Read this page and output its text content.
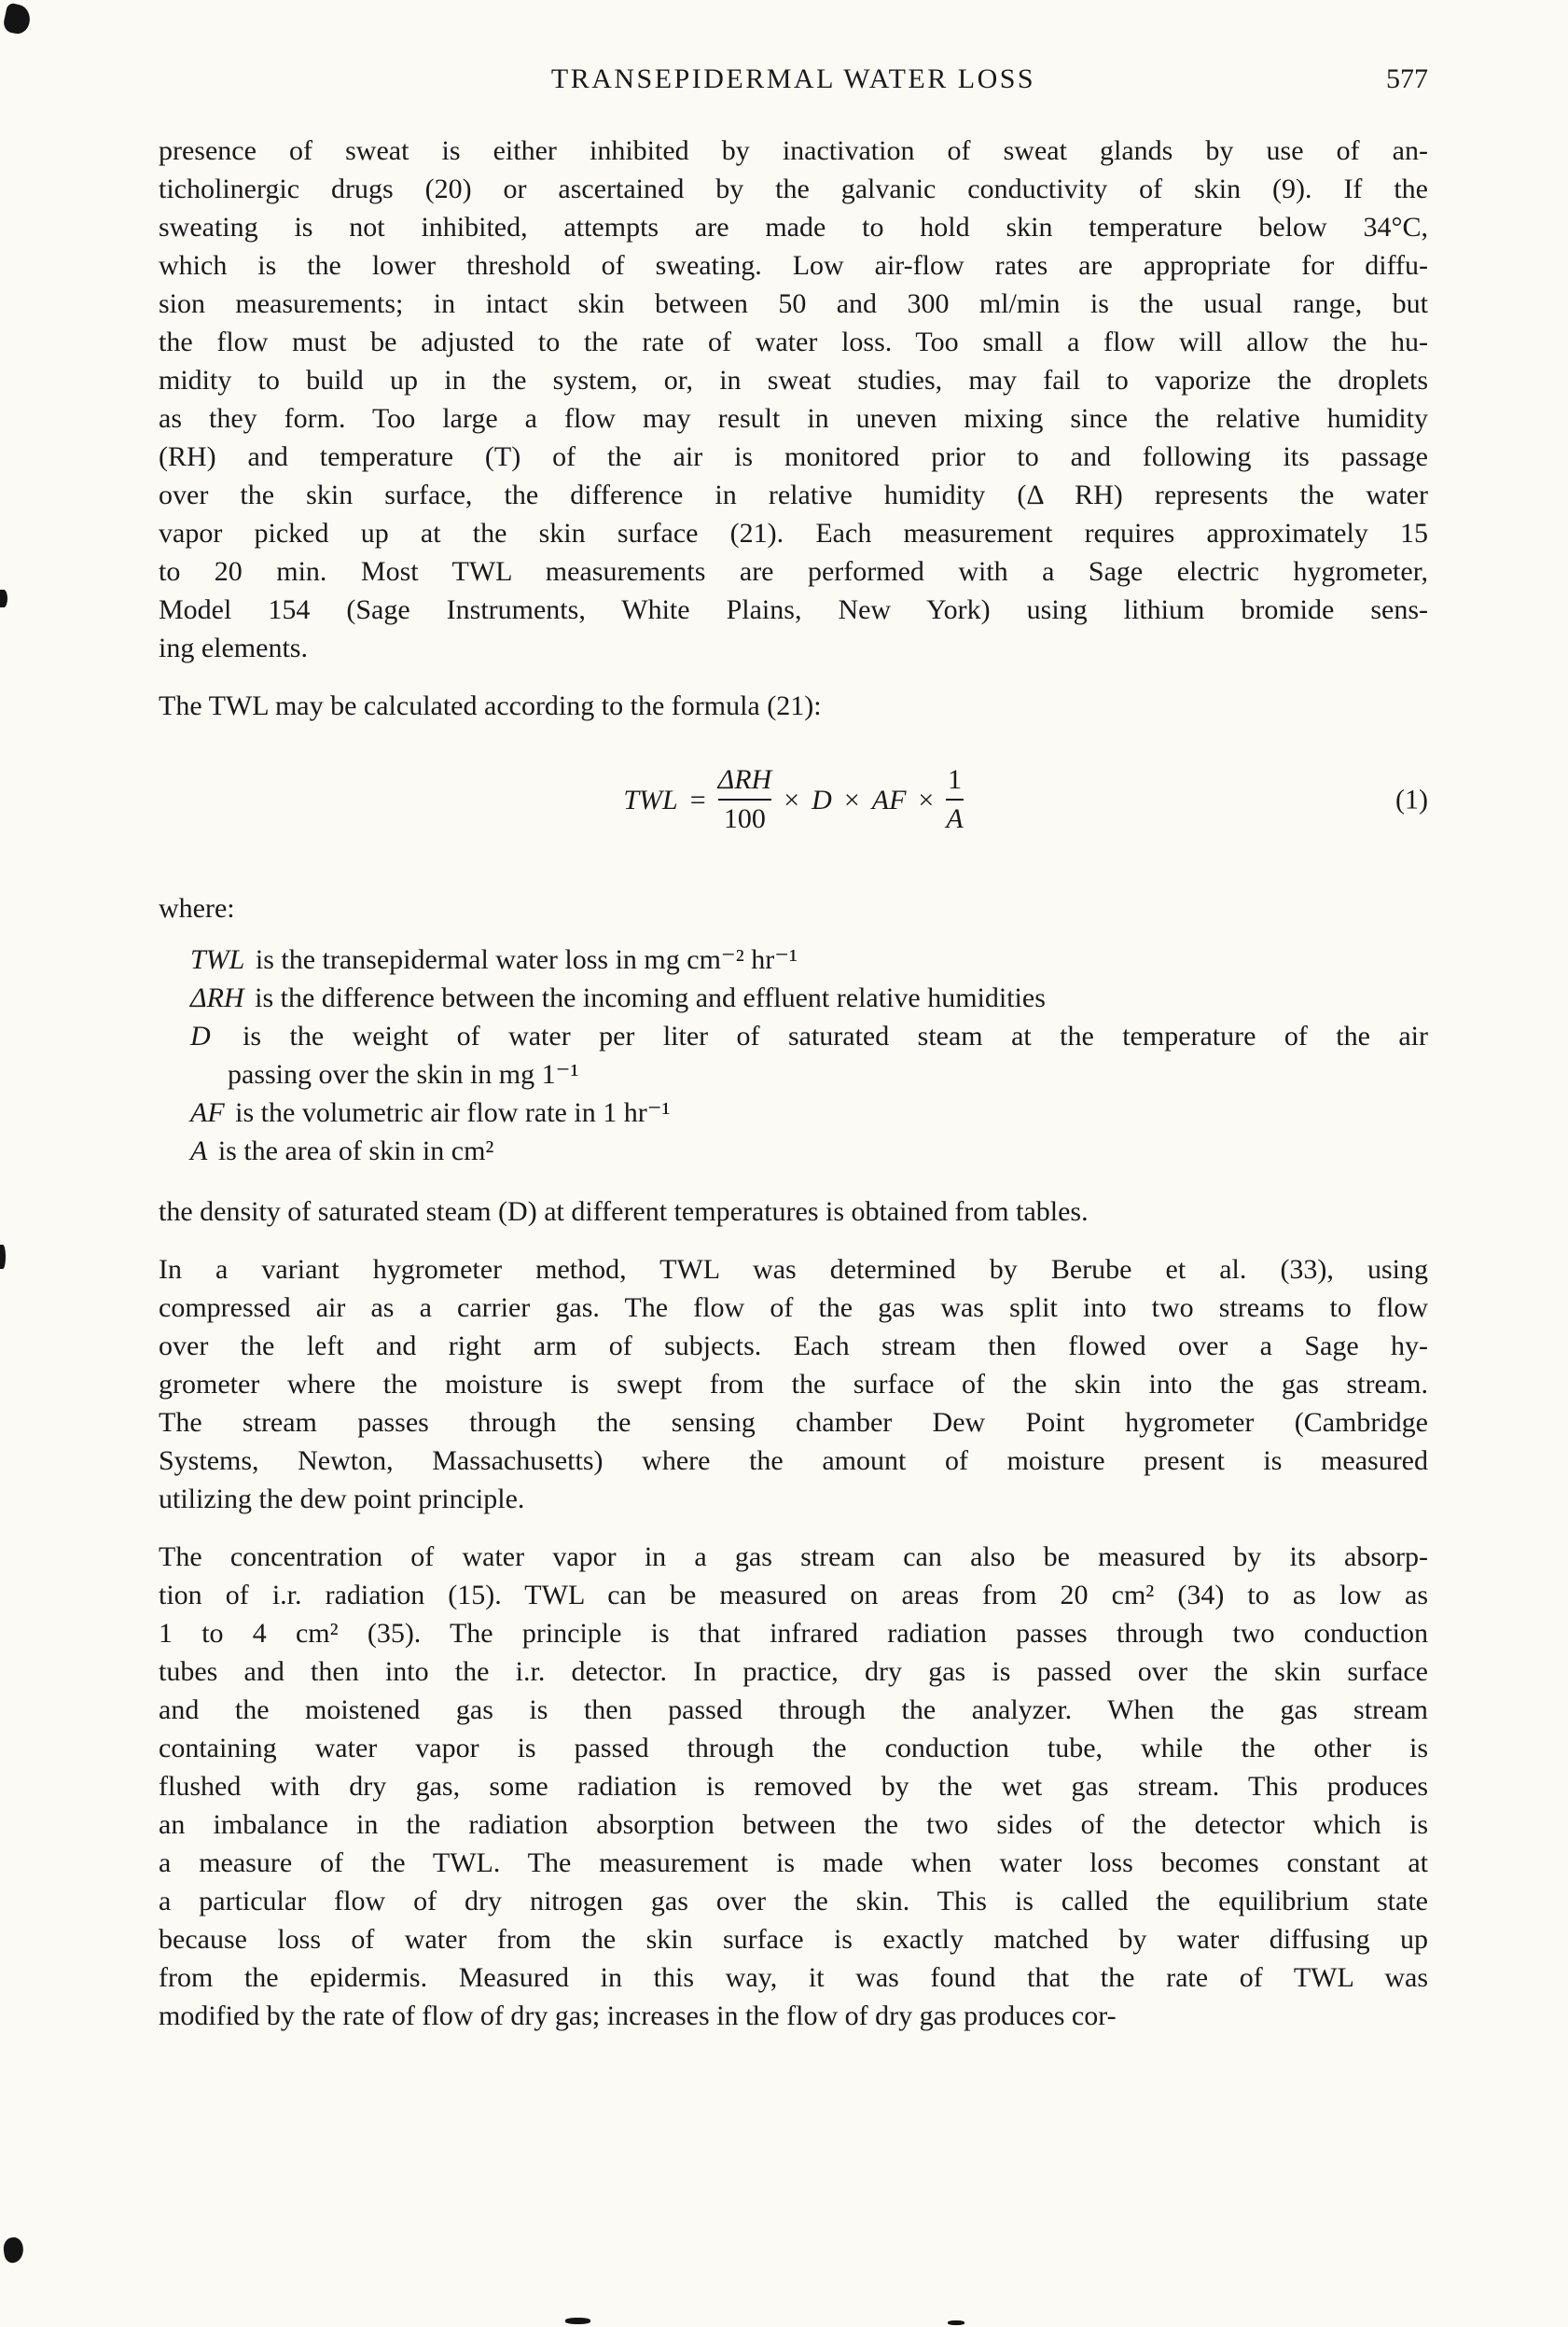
TRANSEPIDERMAL WATER LOSS	577
presence of sweat is either inhibited by inactivation of sweat glands by use of an-
ticholinergic drugs (20) or ascertained by the galvanic conductivity of skin (9). If the
sweating is not inhibited, attempts are made to hold skin temperature below 34°C,
which is the lower threshold of sweating. Low air-flow rates are appropriate for diffu-
sion measurements; in intact skin between 50 and 300 ml/min is the usual range, but
the flow must be adjusted to the rate of water loss. Too small a flow will allow the hu-
midity to build up in the system, or, in sweat studies, may fail to vaporize the droplets
as they form. Too large a flow may result in uneven mixing since the relative humidity
(RH) and temperature (T) of the air is monitored prior to and following its passage
over the skin surface, the difference in relative humidity (Δ RH) represents the water
vapor picked up at the skin surface (21). Each measurement requires approximately 15
to 20 min. Most TWL measurements are performed with a Sage electric hygrometer,
Model 154 (Sage Instruments, White Plains, New York) using lithium bromide sens-
ing elements.
The TWL may be calculated according to the formula (21):
TWL = $\frac{\text{ΔRH}}{100} \times D$ × AF × $\frac{1}{A}$	(1)
where:
TWL is the transepidermal water loss in mg cm⁻² hr⁻¹
ΔRH is the difference between the incoming and effluent relative humidities
D is the weight of water per liter of saturated steam at the temperature of the air
passing over the skin in mg 1⁻¹
AF is the volumetric air flow rate in 1 hr⁻¹
A is the area of skin in cm²
the density of saturated steam (D) at different temperatures is obtained from tables.
In a variant hygrometer method, TWL was determined by Berube et al. (33), using
compressed air as a carrier gas. The flow of the gas was split into two streams to flow
over the left and right arm of subjects. Each stream then flowed over a Sage hy-
grometer where the moisture is swept from the surface of the skin into the gas stream.
The stream passes through the sensing chamber Dew Point hygrometer (Cambridge
Systems, Newton, Massachusetts) where the amount of moisture present is measured
utilizing the dew point principle.
The concentration of water vapor in a gas stream can also be measured by its absorp-
tion of i.r. radiation (15). TWL can be measured on areas from 20 cm² (34) to as low as
1 to 4 cm² (35). The principle is that infrared radiation passes through two conduction
tubes and then into the i.r. detector. In practice, dry gas is passed over the skin surface
and the moistened gas is then passed through the analyzer. When the gas stream
containing water vapor is passed through the conduction tube, while the other is
flushed with dry gas, some radiation is removed by the wet gas stream. This produces
an imbalance in the radiation absorption between the two sides of the detector which is
a measure of the TWL. The measurement is made when water loss becomes constant at
a particular flow of dry nitrogen gas over the skin. This is called the equilibrium state
because loss of water from the skin surface is exactly matched by water diffusing up
from the epidermis. Measured in this way, it was found that the rate of TWL was
modified by the rate of flow of dry gas; increases in the flow of dry gas produces cor-
